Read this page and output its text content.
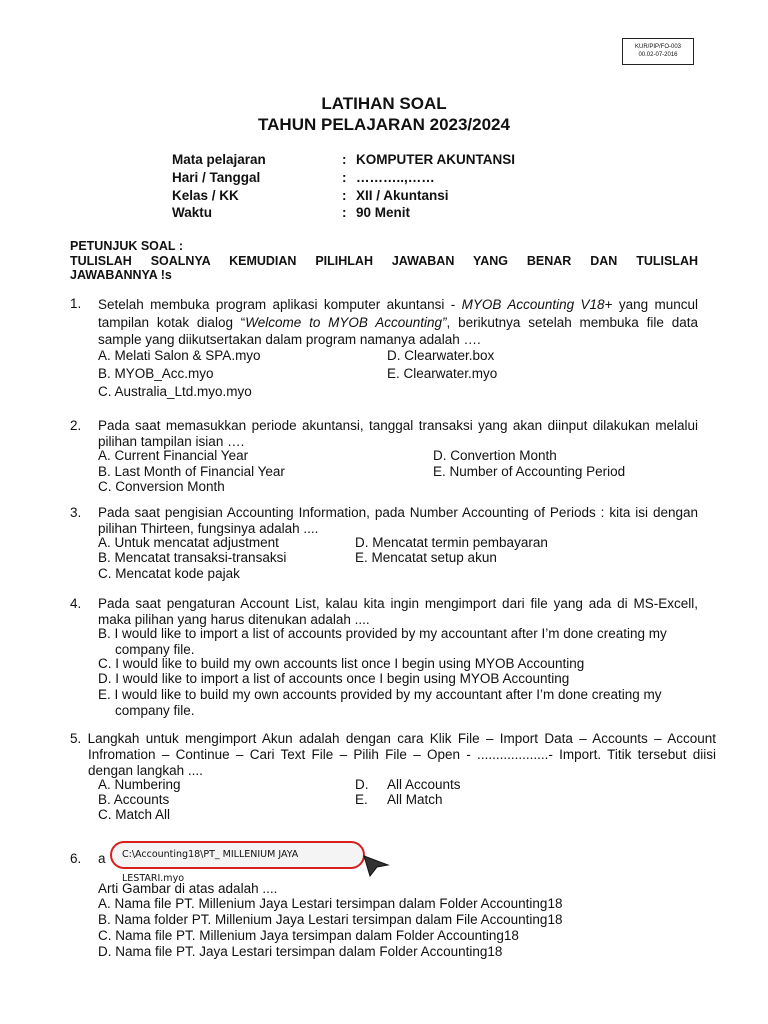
KUR/PIP/FO-003
00.02-07-2016
LATIHAN SOAL
TAHUN PELAJARAN 2023/2024
Mata pelajaran	: KOMPUTER AKUNTANSI
Hari / Tanggal	: ………..,……
Kelas / KK	: XII / Akuntansi
Waktu	: 90 Menit
PETUNJUK SOAL :
TULISLAH SOALNYA KEMUDIAN PILIHLAH JAWABAN YANG BENAR DAN TULISLAH
JAWABANNYA !s
1. Setelah membuka program aplikasi komputer akuntansi - MYOB Accounting V18+ yang muncul tampilan kotak dialog “Welcome to MYOB Accounting”, berikutnya setelah membuka file data sample yang diikutsertakan dalam program namanya adalah ….
A. Melati Salon & SPA.myo
B. MYOB_Acc.myo
C. Australia_Ltd.myo.myo
D. Clearwater.box
E. Clearwater.myo
2. Pada saat memasukkan periode akuntansi, tanggal transaksi yang akan diinput dilakukan melalui pilihan tampilan isian ….
A. Current Financial Year
B. Last Month of Financial Year
C. Conversion Month
D. Convertion Month
E. Number of Accounting Period
3. Pada saat pengisian Accounting Information, pada Number Accounting of Periods : kita isi dengan pilihan Thirteen, fungsinya adalah ....
A. Untuk mencatat adjustment
B. Mencatat transaksi-transaksi
C. Mencatat kode pajak
D. Mencatat termin pembayaran
E. Mencatat setup akun
4. Pada saat pengaturan Account List, kalau kita ingin mengimport dari file yang ada di MS-Excell, maka pilihan yang harus ditenukan adalah ....
B. I would like to import a list of accounts provided by my accountant after I’m done creating my company file.
C. I would like to build my own accounts list once I begin using MYOB Accounting
D. I would like to import a list of accounts once I begin using MYOB Accounting
E. I would like to build my own accounts provided by my accountant after I’m done creating my company file.
5. Langkah untuk mengimport Akun adalah dengan cara Klik File – Import Data – Accounts – Account Infromation – Continue – Cari Text File – Pilih File – Open - ...................- Import. Titik tersebut diisi dengan langkah ....
A. Numbering
B. Accounts
C. Match All
D. All Accounts
E. All Match
6. a	C:\Accounting18\PT_ MILLENIUM JAYA LESTARI.myo
Arti Gambar di atas adalah ....
A. Nama file PT. Millenium Jaya Lestari tersimpan dalam Folder Accounting18
B. Nama folder PT. Millenium Jaya Lestari tersimpan dalam File Accounting18
C. Nama file PT. Millenium Jaya tersimpan dalam Folder Accounting18
D. Nama file PT. Jaya Lestari tersimpan dalam Folder Accounting18
